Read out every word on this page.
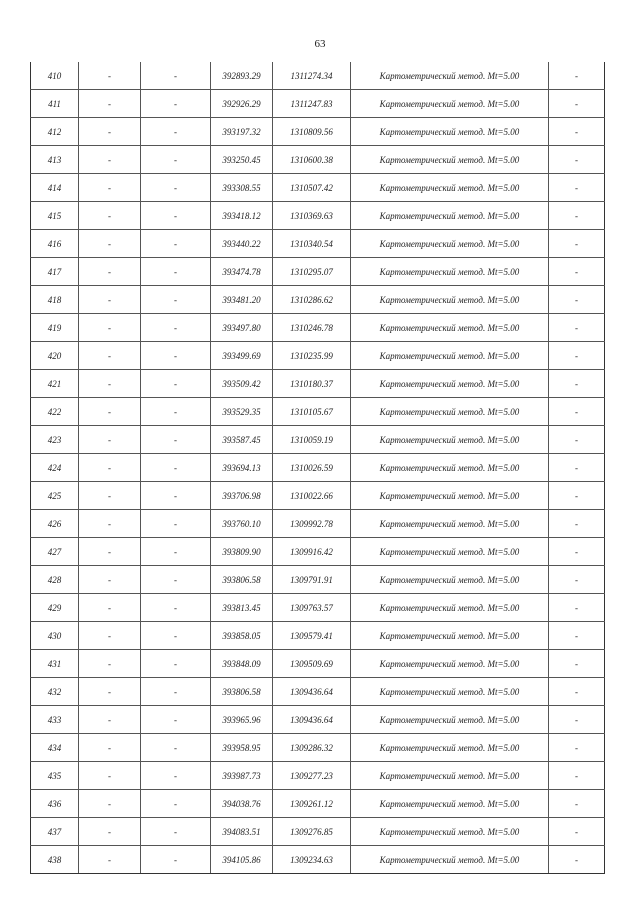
63
410	-	-	392893.29	1311274.34	Картометрический метод. Mt=5.00	-
411	-	-	392926.29	1311247.83	Картометрический метод. Mt=5.00	-
412	-	-	393197.32	1310809.56	Картометрический метод. Mt=5.00	-
413	-	-	393250.45	1310600.38	Картометрический метод. Mt=5.00	-
414	-	-	393308.55	1310507.42	Картометрический метод. Mt=5.00	-
415	-	-	393418.12	1310369.63	Картометрический метод. Mt=5.00	-
416	-	-	393440.22	1310340.54	Картометрический метод. Mt=5.00	-
417	-	-	393474.78	1310295.07	Картометрический метод. Mt=5.00	-
418	-	-	393481.20	1310286.62	Картометрический метод. Mt=5.00	-
419	-	-	393497.80	1310246.78	Картометрический метод. Mt=5.00	-
420	-	-	393499.69	1310235.99	Картометрический метод. Mt=5.00	-
421	-	-	393509.42	1310180.37	Картометрический метод. Mt=5.00	-
422	-	-	393529.35	1310105.67	Картометрический метод. Mt=5.00	-
423	-	-	393587.45	1310059.19	Картометрический метод. Mt=5.00	-
424	-	-	393694.13	1310026.59	Картометрический метод. Mt=5.00	-
425	-	-	393706.98	1310022.66	Картометрический метод. Mt=5.00	-
426	-	-	393760.10	1309992.78	Картометрический метод. Mt=5.00	-
427	-	-	393809.90	1309916.42	Картометрический метод. Mt=5.00	-
428	-	-	393806.58	1309791.91	Картометрический метод. Mt=5.00	-
429	-	-	393813.45	1309763.57	Картометрический метод. Mt=5.00	-
430	-	-	393858.05	1309579.41	Картометрический метод. Mt=5.00	-
431	-	-	393848.09	1309509.69	Картометрический метод. Mt=5.00	-
432	-	-	393806.58	1309436.64	Картометрический метод. Mt=5.00	-
433	-	-	393965.96	1309436.64	Картометрический метод. Mt=5.00	-
434	-	-	393958.95	1309286.32	Картометрический метод. Mt=5.00	-
435	-	-	393987.73	1309277.23	Картометрический метод. Mt=5.00	-
436	-	-	394038.76	1309261.12	Картометрический метод. Mt=5.00	-
437	-	-	394083.51	1309276.85	Картометрический метод. Mt=5.00	-
438	-	-	394105.86	1309234.63	Картометрический метод. Mt=5.00	-
